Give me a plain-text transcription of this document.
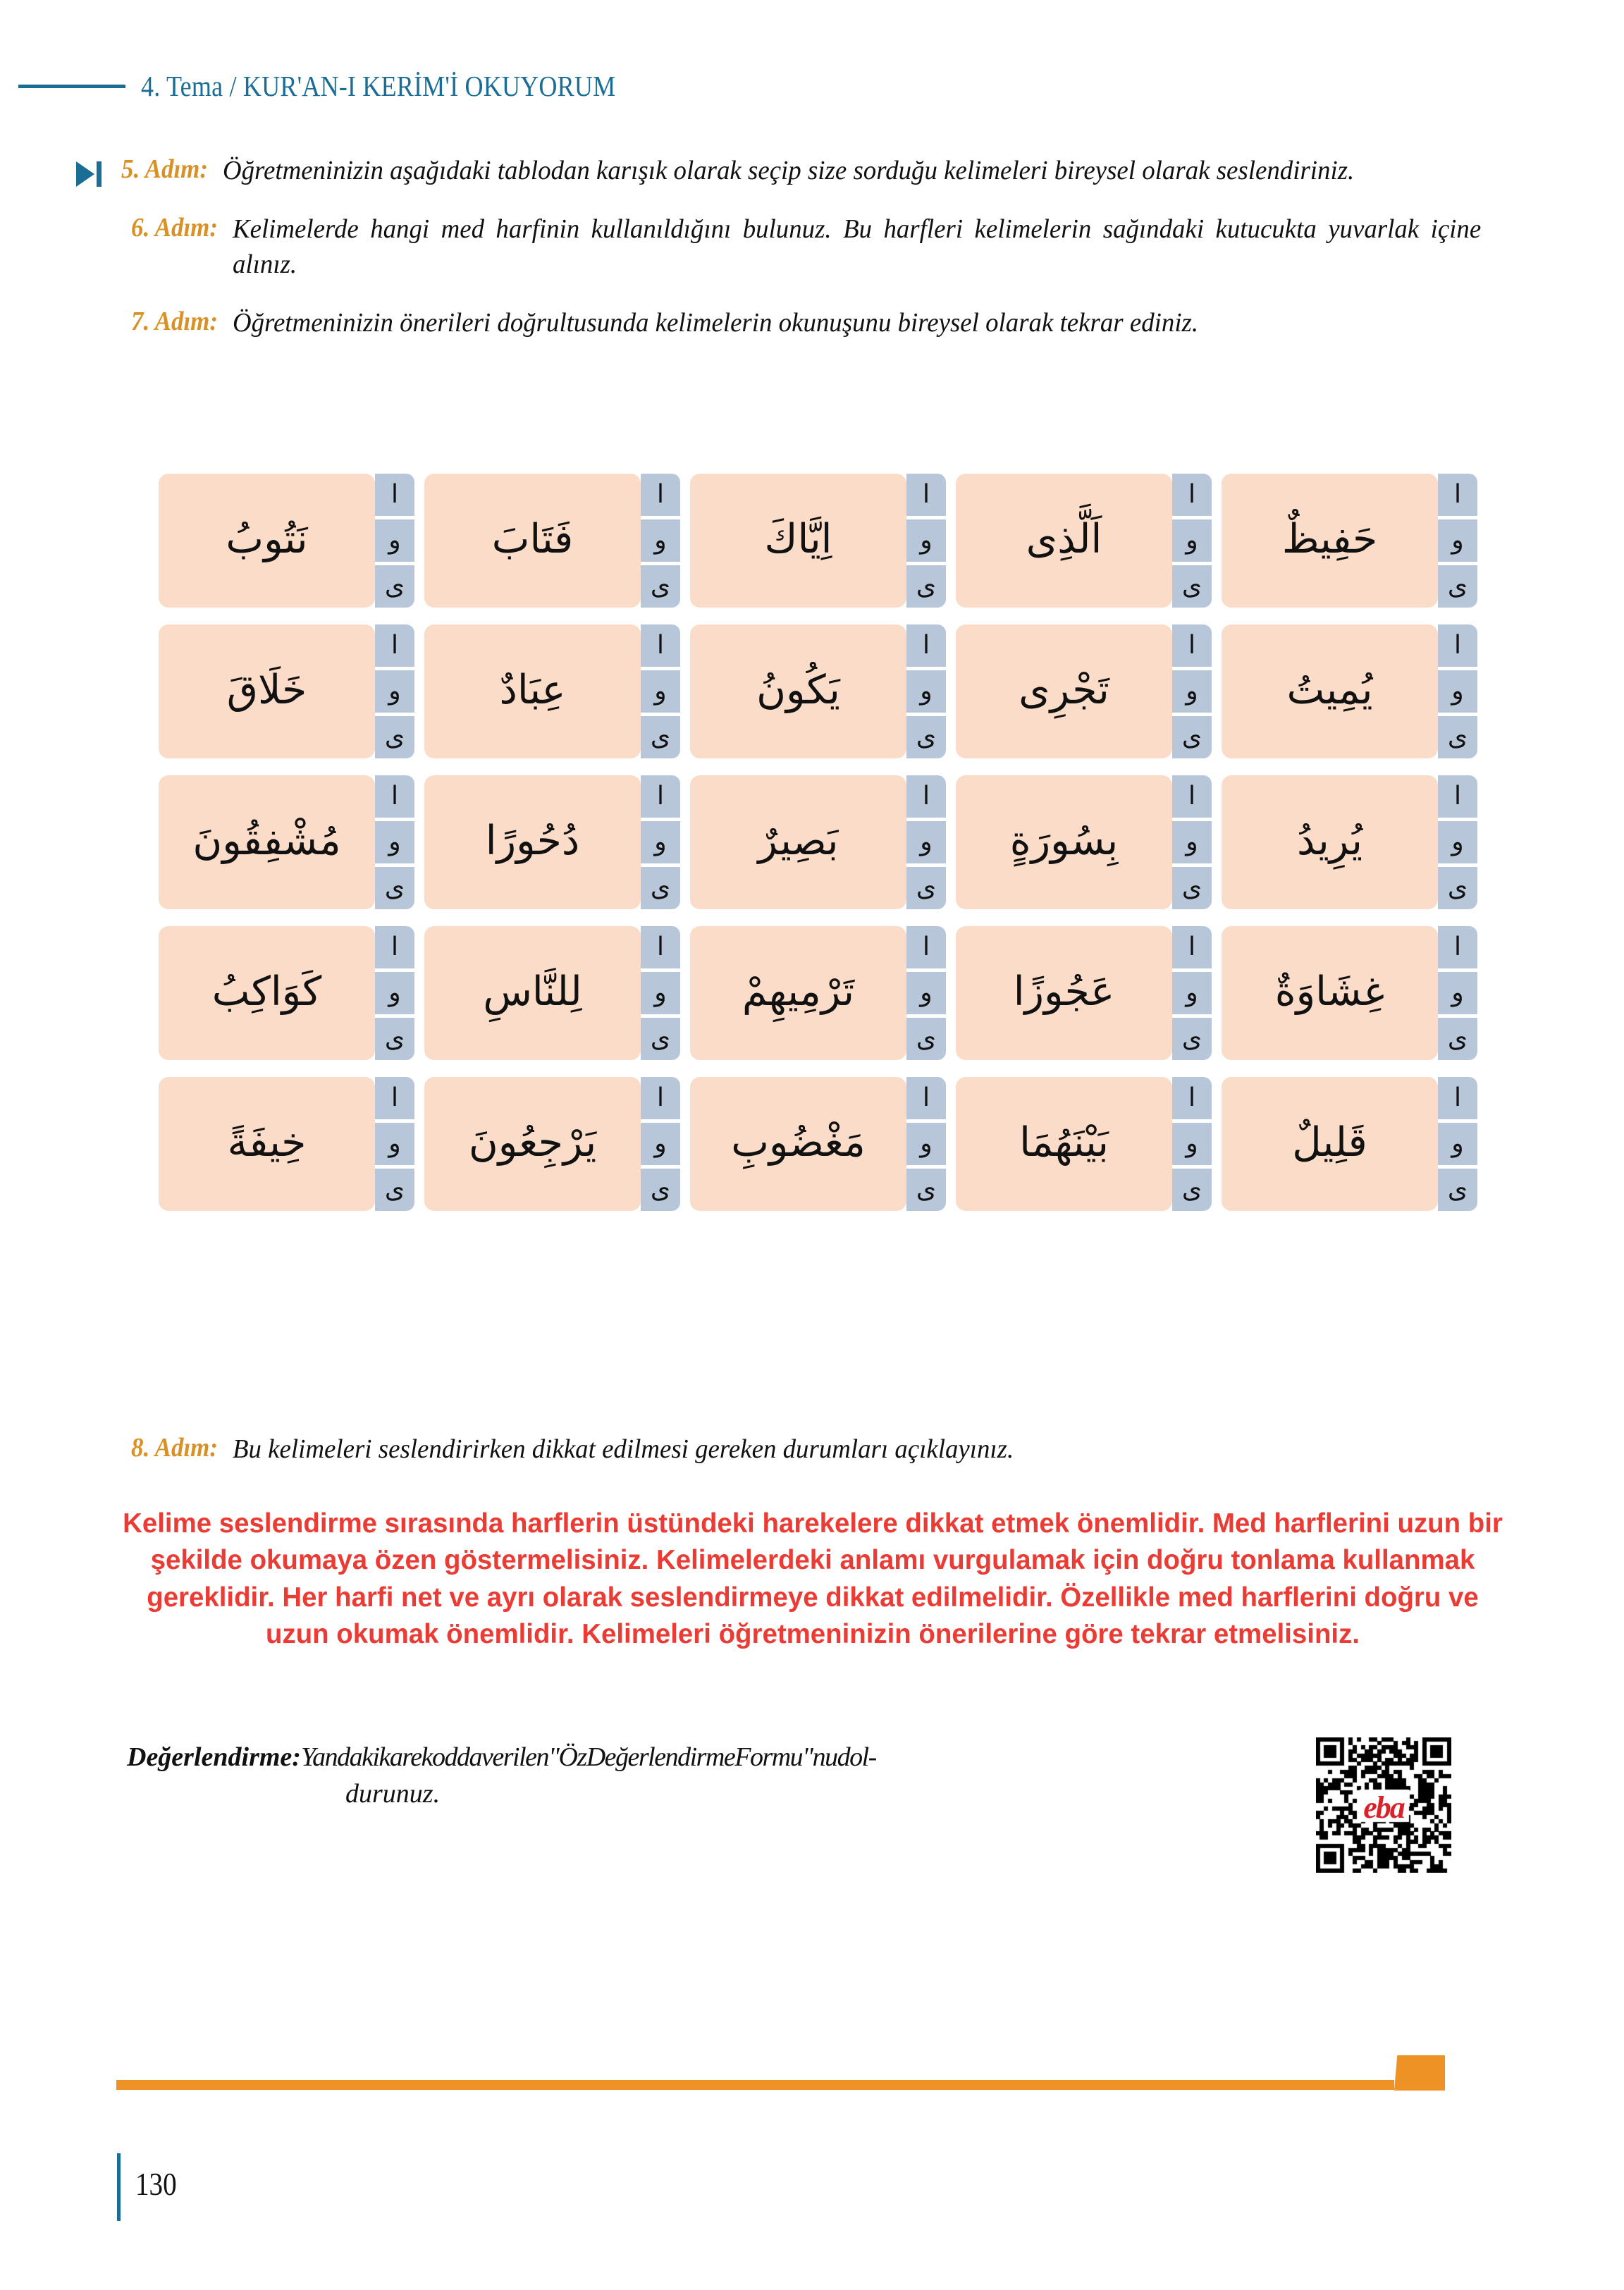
4. Tema / KUR'AN-I KERİM'İ OKUYORUM
5. Adım: Öğretmeninizin aşağıdaki tablodan karışık olarak seçip size sorduğu kelimeleri bireysel olarak seslendiriniz.
6. Adım: Kelimelerde hangi med harfinin kullanıldığını bulunuz. Bu harfleri kelimelerin sağındaki kutucukta yuvarlak içine alınız.
7. Adım: Öğretmeninizin önerileri doğrultusunda kelimelerin okunuşunu bireysel olarak tekrar ediniz.
حَفِيظٌ
ا
و
ى
اَلَّذِى
ا
و
ى
اِيَّاكَ
ا
و
ى
فَتَابَ
ا
و
ى
نَتُوبُ
ا
و
ى
يُمِيتُ
ا
و
ى
تَجْرِى
ا
و
ى
يَكُونُ
ا
و
ى
عِبَادٌ
ا
و
ى
خَلَاقَ
ا
و
ى
يُرِيدُ
ا
و
ى
بِسُورَةٍ
ا
و
ى
بَصِيرٌ
ا
و
ى
دُحُورًا
ا
و
ى
مُشْفِقُونَ
ا
و
ى
غِشَاوَةٌ
ا
و
ى
عَجُوزًا
ا
و
ى
تَرْمِيهِمْ
ا
و
ى
لِلنَّاسِ
ا
و
ى
كَوَاكِبُ
ا
و
ى
قَلِيلٌ
ا
و
ى
بَيْنَهُمَا
ا
و
ى
مَغْضُوبِ
ا
و
ى
يَرْجِعُونَ
ا
و
ى
خِيفَةً
ا
و
ى
8. Adım: Bu kelimeleri seslendirirken dikkat edilmesi gereken durumları açıklayınız.
Kelime seslendirme sırasında harflerin üstündeki harekelere dikkat etmek önemlidir. Med harflerini uzun bir şekilde okumaya özen göstermelisiniz. Kelimelerdeki anlamı vurgulamak için doğru tonlama kullanmak gereklidir. Her harfi net ve ayrı olarak seslendirmeye dikkat edilmelidir. Özellikle med harflerini doğru ve uzun okumak önemlidir. Kelimeleri öğretmeninizin önerilerine göre tekrar etmelisiniz.
Değerlendirme:Yandakikarekoddaverilen"ÖzDeğerlendirmeFormu"nudol-
durunuz.	eba
130
